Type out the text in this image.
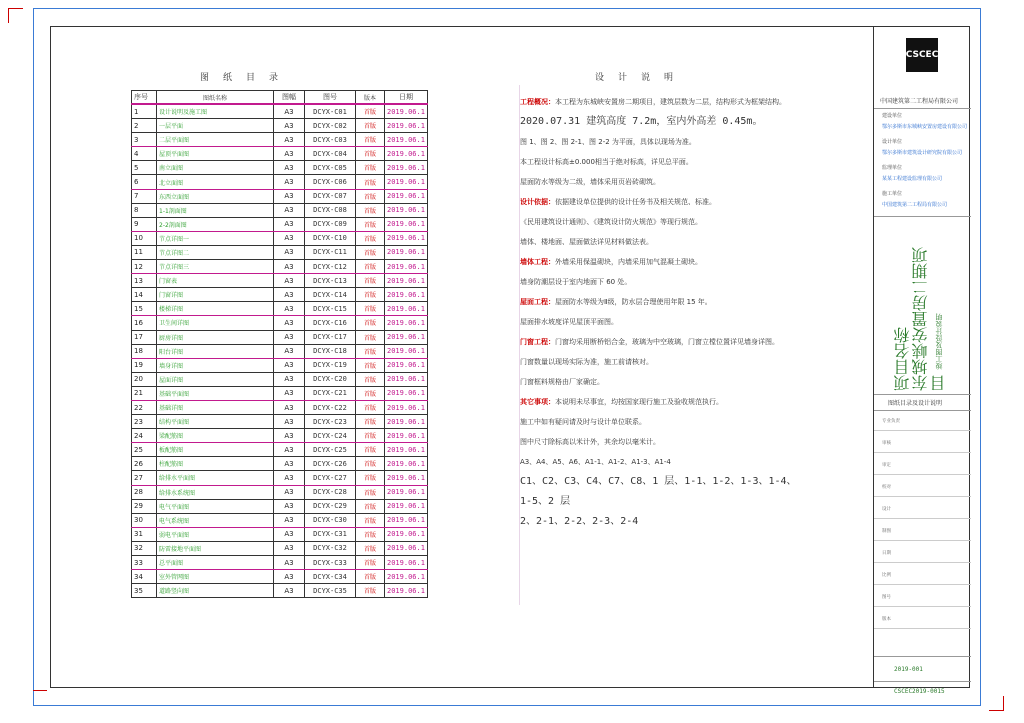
图纸目录
序号	图纸名称	图幅	图号	版本	日期
1	设计说明及施工图	A3	DCYX-C01	首版	2019.06.1
2	一层平面	A3	DCYX-C02	首版	2019.06.1
3	二层平面图	A3	DCYX-C03	首版	2019.06.1
4	屋顶平面图	A3	DCYX-C04	首版	2019.06.1
5	南立面图	A3	DCYX-C05	首版	2019.06.1
6	北立面图	A3	DCYX-C06	首版	2019.06.1
7	东西立面图	A3	DCYX-C07	首版	2019.06.1
8	1-1剖面图	A3	DCYX-C08	首版	2019.06.1
9	2-2剖面图	A3	DCYX-C09	首版	2019.06.1
10	节点详图一	A3	DCYX-C10	首版	2019.06.1
11	节点详图二	A3	DCYX-C11	首版	2019.06.1
12	节点详图三	A3	DCYX-C12	首版	2019.06.1
13	门窗表	A3	DCYX-C13	首版	2019.06.1
14	门窗详图	A3	DCYX-C14	首版	2019.06.1
15	楼梯详图	A3	DCYX-C15	首版	2019.06.1
16	卫生间详图	A3	DCYX-C16	首版	2019.06.1
17	厨房详图	A3	DCYX-C17	首版	2019.06.1
18	阳台详图	A3	DCYX-C18	首版	2019.06.1
19	墙身详图	A3	DCYX-C19	首版	2019.06.1
20	屋面详图	A3	DCYX-C20	首版	2019.06.1
21	基础平面图	A3	DCYX-C21	首版	2019.06.1
22	基础详图	A3	DCYX-C22	首版	2019.06.1
23	结构平面图	A3	DCYX-C23	首版	2019.06.1
24	梁配筋图	A3	DCYX-C24	首版	2019.06.1
25	板配筋图	A3	DCYX-C25	首版	2019.06.1
26	柱配筋图	A3	DCYX-C26	首版	2019.06.1
27	给排水平面图	A3	DCYX-C27	首版	2019.06.1
28	给排水系统图	A3	DCYX-C28	首版	2019.06.1
29	电气平面图	A3	DCYX-C29	首版	2019.06.1
30	电气系统图	A3	DCYX-C30	首版	2019.06.1
31	弱电平面图	A3	DCYX-C31	首版	2019.06.1
32	防雷接地平面图	A3	DCYX-C32	首版	2019.06.1
33	总平面图	A3	DCYX-C33	首版	2019.06.1
34	室外管网图	A3	DCYX-C34	首版	2019.06.1
35	道路竖向图	A3	DCYX-C35	首版	2019.06.1
设计说明

工程概况：本工程为东城峡安置房二期项目，建筑层数为二层，结构形式为框架结构。

2020.07.31 建筑高度 7.2m，室内外高差 0.45m。

图 1、图 2、图 2-1、图 2-2 为平面，具体以现场为准。

本工程设计标高±0.000相当于绝对标高，详见总平面。

屋面防水等级为二级，墙体采用页岩砖砌筑。

设计依据：依据建设单位提供的设计任务书及相关规范、标准。

《民用建筑设计通则》、《建筑设计防火规范》等现行规范。

墙体、楼地面、屋面做法详见材料做法表。

墙体工程：外墙采用保温砌块，内墙采用加气混凝土砌块。

墙身防潮层设于室内地面下 60 处。

屋面工程：屋面防水等级为Ⅱ级，防水层合理使用年限 15 年。

屋面排水坡度详见屋顶平面图。

门窗工程：门窗均采用断桥铝合金，玻璃为中空玻璃，门窗立樘位置详见墙身详图。

门窗数量以现场实际为准，施工前请核对。

门窗框料规格由厂家确定。

其它事项：本说明未尽事宜，均按国家现行施工及验收规范执行。

施工中如有疑问请及时与设计单位联系。

图中尺寸除标高以米计外，其余均以毫米计。

A3、A4、A5、A6、A1-1、A1-2、A1-3、A1-4

C1、C2、C3、C4、C7、C8、1 层、1-1、1-2、1-3、1-4、1-5、2 层

2、2-1、2-2、2-3、2-4

CSCEC
中国建筑第二工程局有限公司
建设单位
鄂尔多斯市东城峡安置房建设有限公司
设计单位
鄂尔多斯市建筑设计研究院有限公司
监理单位
某某工程建设监理有限公司
施工单位
中国建筑第二工程局有限公司
项目名称
东城峡安置房二期项目 竣工图及设计说明
图纸目录及设计说明
专业负责
审核
审定
校对
设计
制图
日期
比例
图号
版本
2019-001
CSCEC2019-0015
